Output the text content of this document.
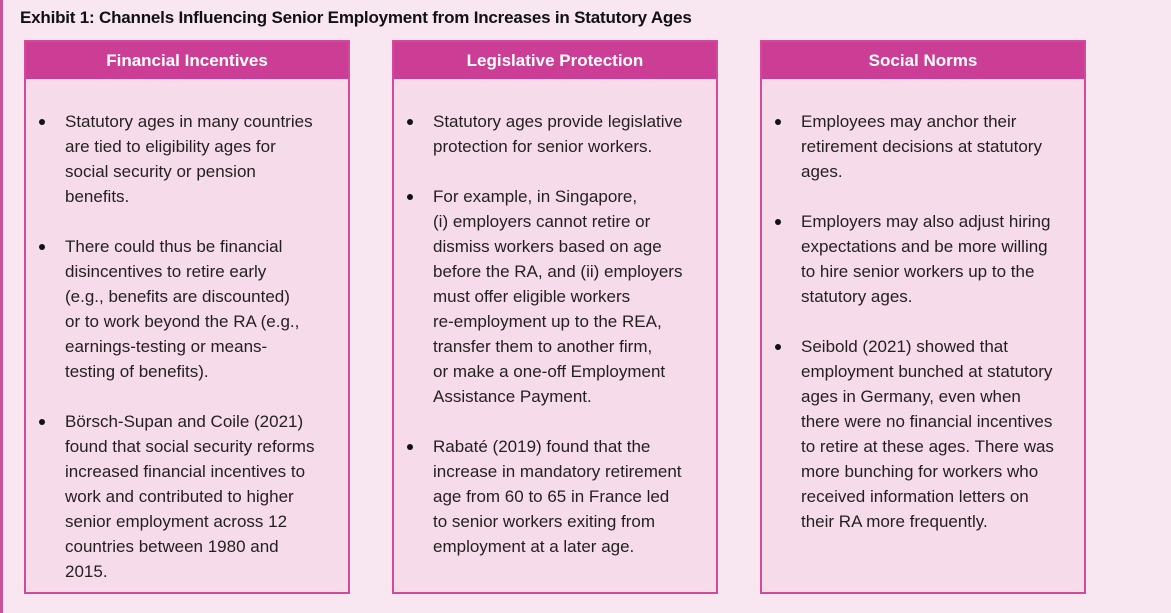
Exhibit 1: Channels Influencing Senior Employment from Increases in Statutory Ages
Financial Incentives
Statutory ages in many countries
are tied to eligibility ages for
social security or pension
benefits.
There could thus be financial
disincentives to retire early
(e.g., benefits are discounted)
or to work beyond the RA (e.g.,
earnings-testing or means-
testing of benefits).
Börsch-Supan and Coile (2021)
found that social security reforms
increased financial incentives to
work and contributed to higher
senior employment across 12
countries between 1980 and
2015.
Legislative Protection
Statutory ages provide legislative
protection for senior workers.
For example, in Singapore,
(i) employers cannot retire or
dismiss workers based on age
before the RA, and (ii) employers
must offer eligible workers
re-employment up to the REA,
transfer them to another firm,
or make a one-off Employment
Assistance Payment.
Rabaté (2019) found that the
increase in mandatory retirement
age from 60 to 65 in France led
to senior workers exiting from
employment at a later age.
Social Norms
Employees may anchor their
retirement decisions at statutory
ages.
Employers may also adjust hiring
expectations and be more willing
to hire senior workers up to the
statutory ages.
Seibold (2021) showed that
employment bunched at statutory
ages in Germany, even when
there were no financial incentives
to retire at these ages. There was
more bunching for workers who
received information letters on
their RA more frequently.
